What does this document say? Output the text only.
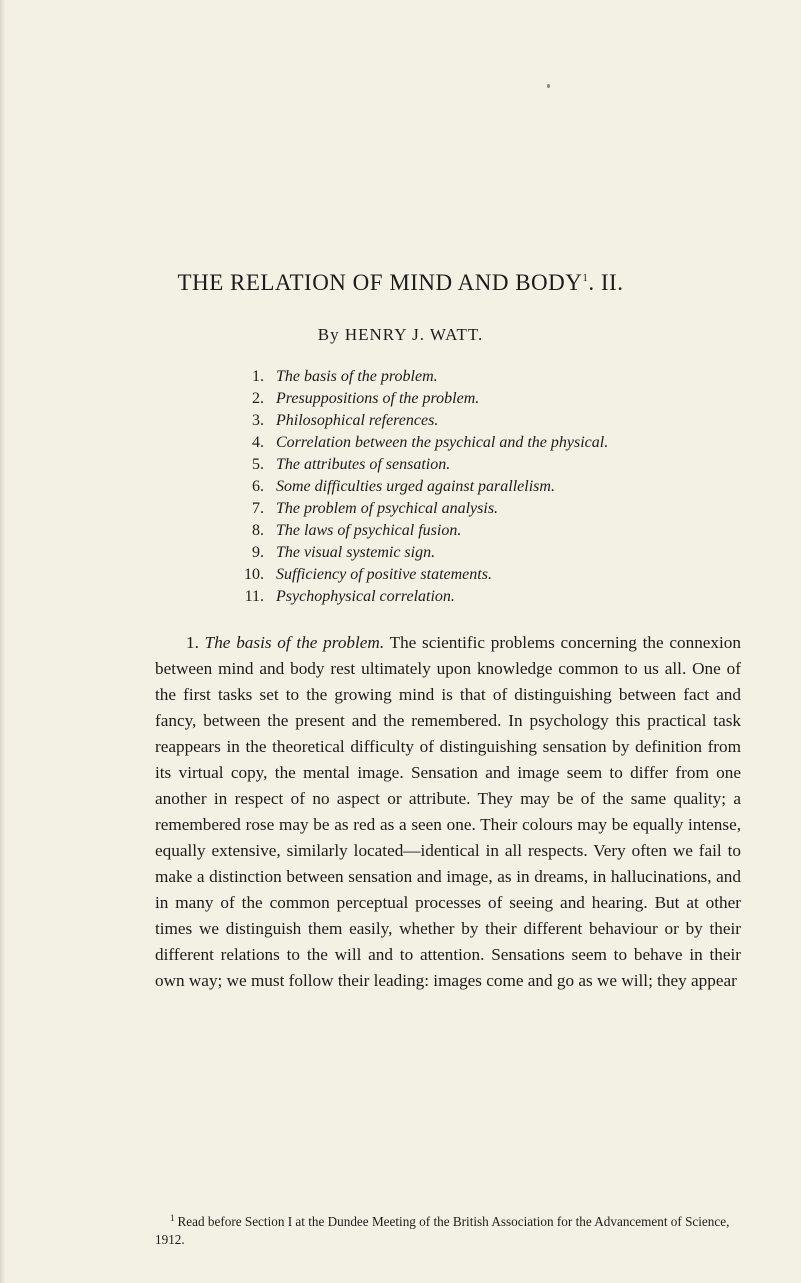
THE RELATION OF MIND AND BODY$^1$. II.
By HENRY J. WATT.
1. The basis of the problem.
2. Presuppositions of the problem.
3. Philosophical references.
4. Correlation between the psychical and the physical.
5. The attributes of sensation.
6. Some difficulties urged against parallelism.
7. The problem of psychical analysis.
8. The laws of psychical fusion.
9. The visual systemic sign.
10. Sufficiency of positive statements.
11. Psychophysical correlation.

1. The basis of the problem. The scientific problems concerning the connexion between mind and body rest ultimately upon knowledge common to us all. One of the first tasks set to the growing mind is that of distinguishing between fact and fancy, between the present and the remembered. In psychology this practical task reappears in the theoretical difficulty of distinguishing sensation by definition from its virtual copy, the mental image. Sensation and image seem to differ from one another in respect of no aspect or attribute. They may be of the same quality; a remembered rose may be as red as a seen one. Their colours may be equally intense, equally extensive, similarly located—identical in all respects. Very often we fail to make a distinction between sensation and image, as in dreams, in hallucinations, and in many of the common perceptual processes of seeing and hearing. But at other times we distinguish them easily, whether by their different behaviour or by their different relations to the will and to attention. Sensations seem to behave in their own way; we must follow their leading: images come and go as we will; they appear

$^1$ Read before Section I at the Dundee Meeting of the British Association for the Advancement of Science, 1912.
